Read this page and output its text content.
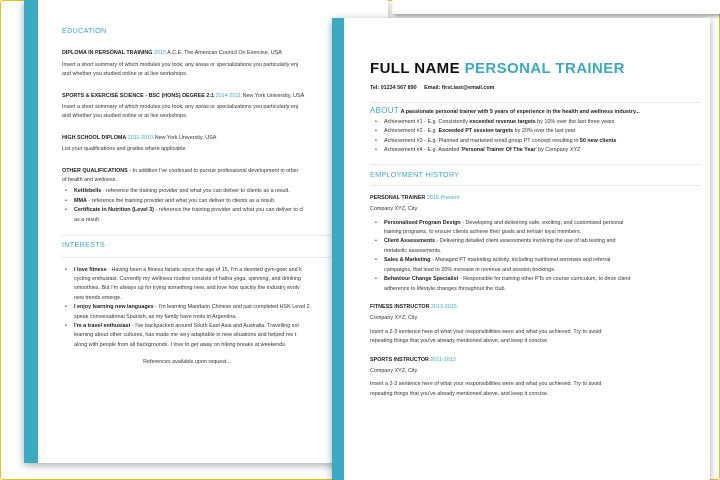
EDUCATION
DIPLOMA IN PERSONAL TRAINING 2015 A.C.E. The American Council On Exercise, USA
Insert a short summary of which modules you took, any areas or specializations you particularly enj
and whether you studied online or at live workshops.
SPORTS & EXERCISE SCIENCE - BSC (HONS) DEGREE 2:1 2014-2011 New York University, USA
Insert a short summary of which modules you took, any areas or specializations you particularly enj
and whether you studied online or at live workshops.
HIGH SCHOOL DIPLOMA 2011-2010 New York University, USA
List your qualifications and grades where applicable.
OTHER QUALIFICATIONS - In addition I've continued to pursue professional development in other
of health and wellness.
• Kettlebells - reference the training provider and what you can deliver to clients as a result.
• MMA - reference the training provider and what you can deliver to clients as a result.
• Certificate in Nutrition (Level 3) - reference the training provider and what you can deliver to cl
as a result.
INTERESTS
• I love fitness - Having been a fitness fanatic since the age of 15, I'm a devoted gym-goer and k
cycling enthusiast. Currently my wellness routine consists of hatha yoga, spinning, and drinking
smoothies. But I'm always up for trying something new, and love how quickly the industry evolv
new trends emerge.
• I enjoy learning new languages - I'm learning Mandarin Chinese and just completed HSK Level 2.
speak conversational Spanish, as my family have roots in Argentina.
• I'm a travel enthusiast - I've backpacked around South East Asia and Australia. Travelling sol
learning about other cultures, has made me very adaptable in new situations and helped me t
along with people from all backgrounds. I love to get away on hiking breaks at weekends.
References available upon request...
FULL NAME PERSONAL TRAINER
Tel: 01234 567 890 Email: first.last@email.com
ABOUT A passionate personal trainer with 5 years of experience in the health and wellness industry...
• Achievement #1 - E.g. Consistently exceeded revenue targets by 10% over the last three years
• Achievement #2 - E.g. Exceeded PT session targets by 20% over the last year
• Achievement #3 - E.g. Planned and marketed small group PT concept resulting in 50 new clients
• Achievement #4 - E.g. Awarded 'Personal Trainer Of The Year' by Company XYZ
EMPLOYMENT HISTORY
PERSONAL TRAINER 2015-Present
Company XYZ, City
• Personalised Program Design - Developing and delivering safe, exciting, and customised personal
training programs, to ensure clients achieve their goals and remain loyal members.
• Client Assessments - Delivering detailed client assessments involving the use of lab testing and
metabolic assessments.
• Sales & Marketing - Managed PT marketing activity, including nutritional seminars and referral
campaigns, that lead to 20% increase in revenue and session bookings.
• Behaviour Change Specialist - Responsible for training other PTs on course curriculum, to drive client
adherence to lifestyle changes throughout the club.
FITNESS INSTRUCTOR 2013-2015
Company XYZ, City
Insert a 2-3 sentence here of what your responsibilities were and what you achieved. Try to avoid
repeating things that you've already mentioned above, and keep it concise.
SPORTS INSTRUCTOR 2011-2013
Company XYZ, City
Insert a 2-3 sentence here of what your responsibilities were and what you achieved. Try to avoid
repeating things that you've already mentioned above, and keep it concise.
